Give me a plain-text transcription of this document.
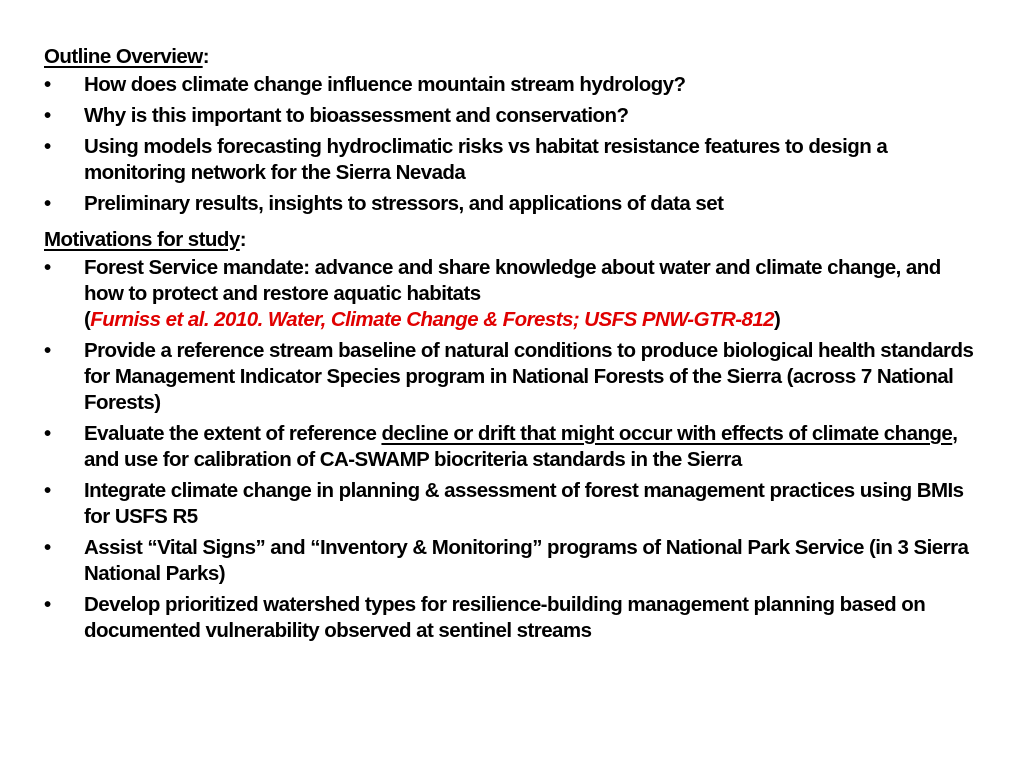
Outline Overview:
•	How does climate change influence mountain stream hydrology?
•	Why is this important to bioassessment and conservation?
•	Using models forecasting hydroclimatic risks vs habitat resistance features to design a monitoring network for the Sierra Nevada
•	Preliminary results, insights to stressors, and applications of data set
Motivations for study:
•	Forest Service mandate: advance and share knowledge about water and climate change, and how to protect and restore aquatic habitats
(Furniss et al. 2010. Water, Climate Change & Forests; USFS PNW-GTR-812)
•	Provide a reference stream baseline of natural conditions to produce biological health standards for Management Indicator Species program in National Forests of the Sierra (across 7 National Forests)
•	Evaluate the extent of reference decline or drift that might occur with effects of climate change, and use for calibration of CA-SWAMP biocriteria standards in the Sierra
•	Integrate climate change in planning & assessment of forest management practices using BMIs for USFS R5
•	Assist “Vital Signs” and “Inventory & Monitoring” programs of National Park Service (in 3 Sierra National Parks)
•	Develop prioritized watershed types for resilience-building management planning based on documented vulnerability observed at sentinel streams
